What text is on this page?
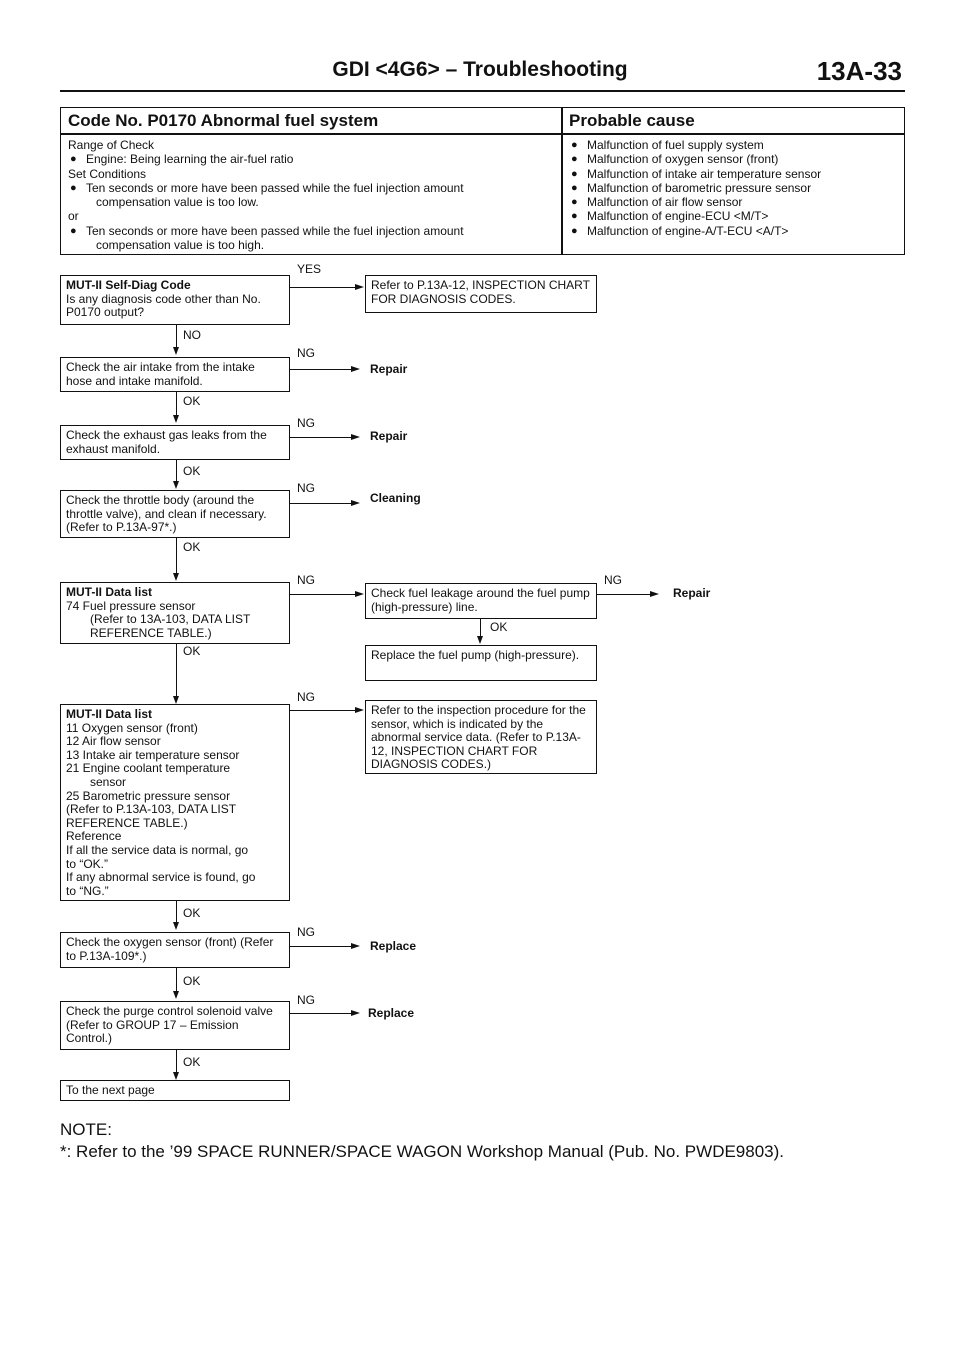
GDI <4G6> – Troubleshooting	13A-33
Code No. P0170 Abnormal fuel system	Probable cause
Range of Check
● Engine: Being learning the air-fuel ratio
Set Conditions
● Ten seconds or more have been passed while the fuel injection amount
compensation value is too low.
or
● Ten seconds or more have been passed while the fuel injection amount
compensation value is too high.
● Malfunction of fuel supply system
● Malfunction of oxygen sensor (front)
● Malfunction of intake air temperature sensor
● Malfunction of barometric pressure sensor
● Malfunction of air flow sensor
● Malfunction of engine-ECU <M/T>
● Malfunction of engine-A/T-ECU <A/T>
MUT-II Self-Diag Code
Is any diagnosis code other than No. P0170 output?
YES
Refer to P.13A-12, INSPECTION CHART FOR DIAGNOSIS CODES.
NO
Check the air intake from the intake hose and intake manifold.
NG
Repair
OK
Check the exhaust gas leaks from the exhaust manifold.
NG
Repair
OK
Check the throttle body (around the throttle valve), and clean if necessary. (Refer to P.13A-97*.)
NG
Cleaning
OK
MUT-II Data list
74 Fuel pressure sensor
(Refer to 13A-103, DATA LIST REFERENCE TABLE.)
NG
Check fuel leakage around the fuel pump (high-pressure) line.
NG
Repair
OK
Replace the fuel pump (high-pressure).
OK
MUT-II Data list
11 Oxygen sensor (front)
12 Air flow sensor
13 Intake air temperature sensor
21 Engine coolant temperature
sensor
25 Barometric pressure sensor
(Refer to P.13A-103, DATA LIST
REFERENCE TABLE.)
Reference
If all the service data is normal, go
to “OK.”
If any abnormal service is found, go
to “NG.”
NG
Refer to the inspection procedure for the sensor, which is indicated by the abnormal service data. (Refer to P.13A-12, INSPECTION CHART FOR DIAGNOSIS CODES.)
OK
Check the oxygen sensor (front) (Refer to P.13A-109*.)
NG
Replace
OK
Check the purge control solenoid valve (Refer to GROUP 17 – Emission Control.)
NG
Replace
OK
To the next page
NOTE:
*: Refer to the ’99 SPACE RUNNER/SPACE WAGON Workshop Manual (Pub. No. PWDE9803).
